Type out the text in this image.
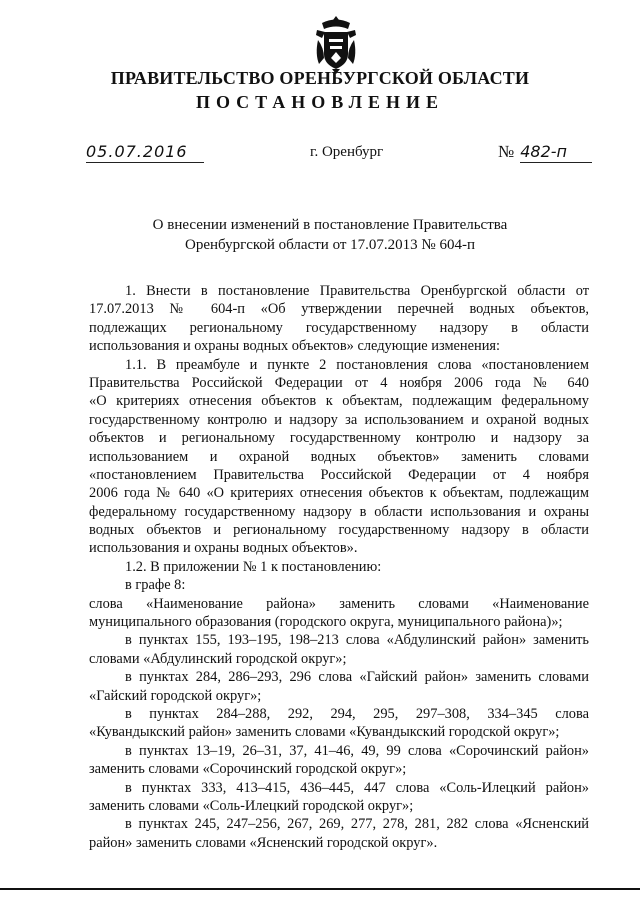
ПРАВИТЕЛЬСТВО ОРЕНБУРГСКОЙ ОБЛАСТИ
ПОСТАНОВЛЕНИЕ
05.07.2016	г. Оренбург	№ 482-п
О внесении изменений в постановление Правительства
Оренбургской области от 17.07.2013 № 604-п
1. Внести в постановление Правительства Оренбургской области от
17.07.2013 № 604-п «Об утверждении перечней водных объектов,
подлежащих региональному государственному надзору в области
использования и охраны водных объектов» следующие изменения:
1.1. В преамбуле и пункте 2 постановления слова «постановлением
Правительства Российской Федерации от 4 ноября 2006 года № 640
«О критериях отнесения объектов к объектам, подлежащим федеральному
государственному контролю и надзору за использованием и охраной водных
объектов и региональному государственному контролю и надзору за
использованием и охраной водных объектов» заменить словами
«постановлением Правительства Российской Федерации от 4 ноября
2006 года № 640 «О критериях отнесения объектов к объектам, подлежащим
федеральному государственному надзору в области использования и охраны
водных объектов и региональному государственному надзору в области
использования и охраны водных объектов».
1.2. В приложении № 1 к постановлению:
в графе 8:
слова «Наименование района» заменить словами «Наименование
муниципального образования (городского округа, муниципального района)»;
в пунктах 155, 193–195, 198–213 слова «Абдулинский район» заменить
словами «Абдулинский городской округ»;
в пунктах 284, 286–293, 296 слова «Гайский район» заменить словами
«Гайский городской округ»;
в пунктах 284–288, 292, 294, 295, 297–308, 334–345 слова
«Кувандыкский район» заменить словами «Кувандыкский городской округ»;
в пунктах 13–19, 26–31, 37, 41–46, 49, 99 слова «Сорочинский район»
заменить словами «Сорочинский городской округ»;
в пунктах 333, 413–415, 436–445, 447 слова «Соль-Илецкий район»
заменить словами «Соль-Илецкий городской округ»;
в пунктах 245, 247–256, 267, 269, 277, 278, 281, 282 слова «Ясненский
район» заменить словами «Ясненский городской округ».
